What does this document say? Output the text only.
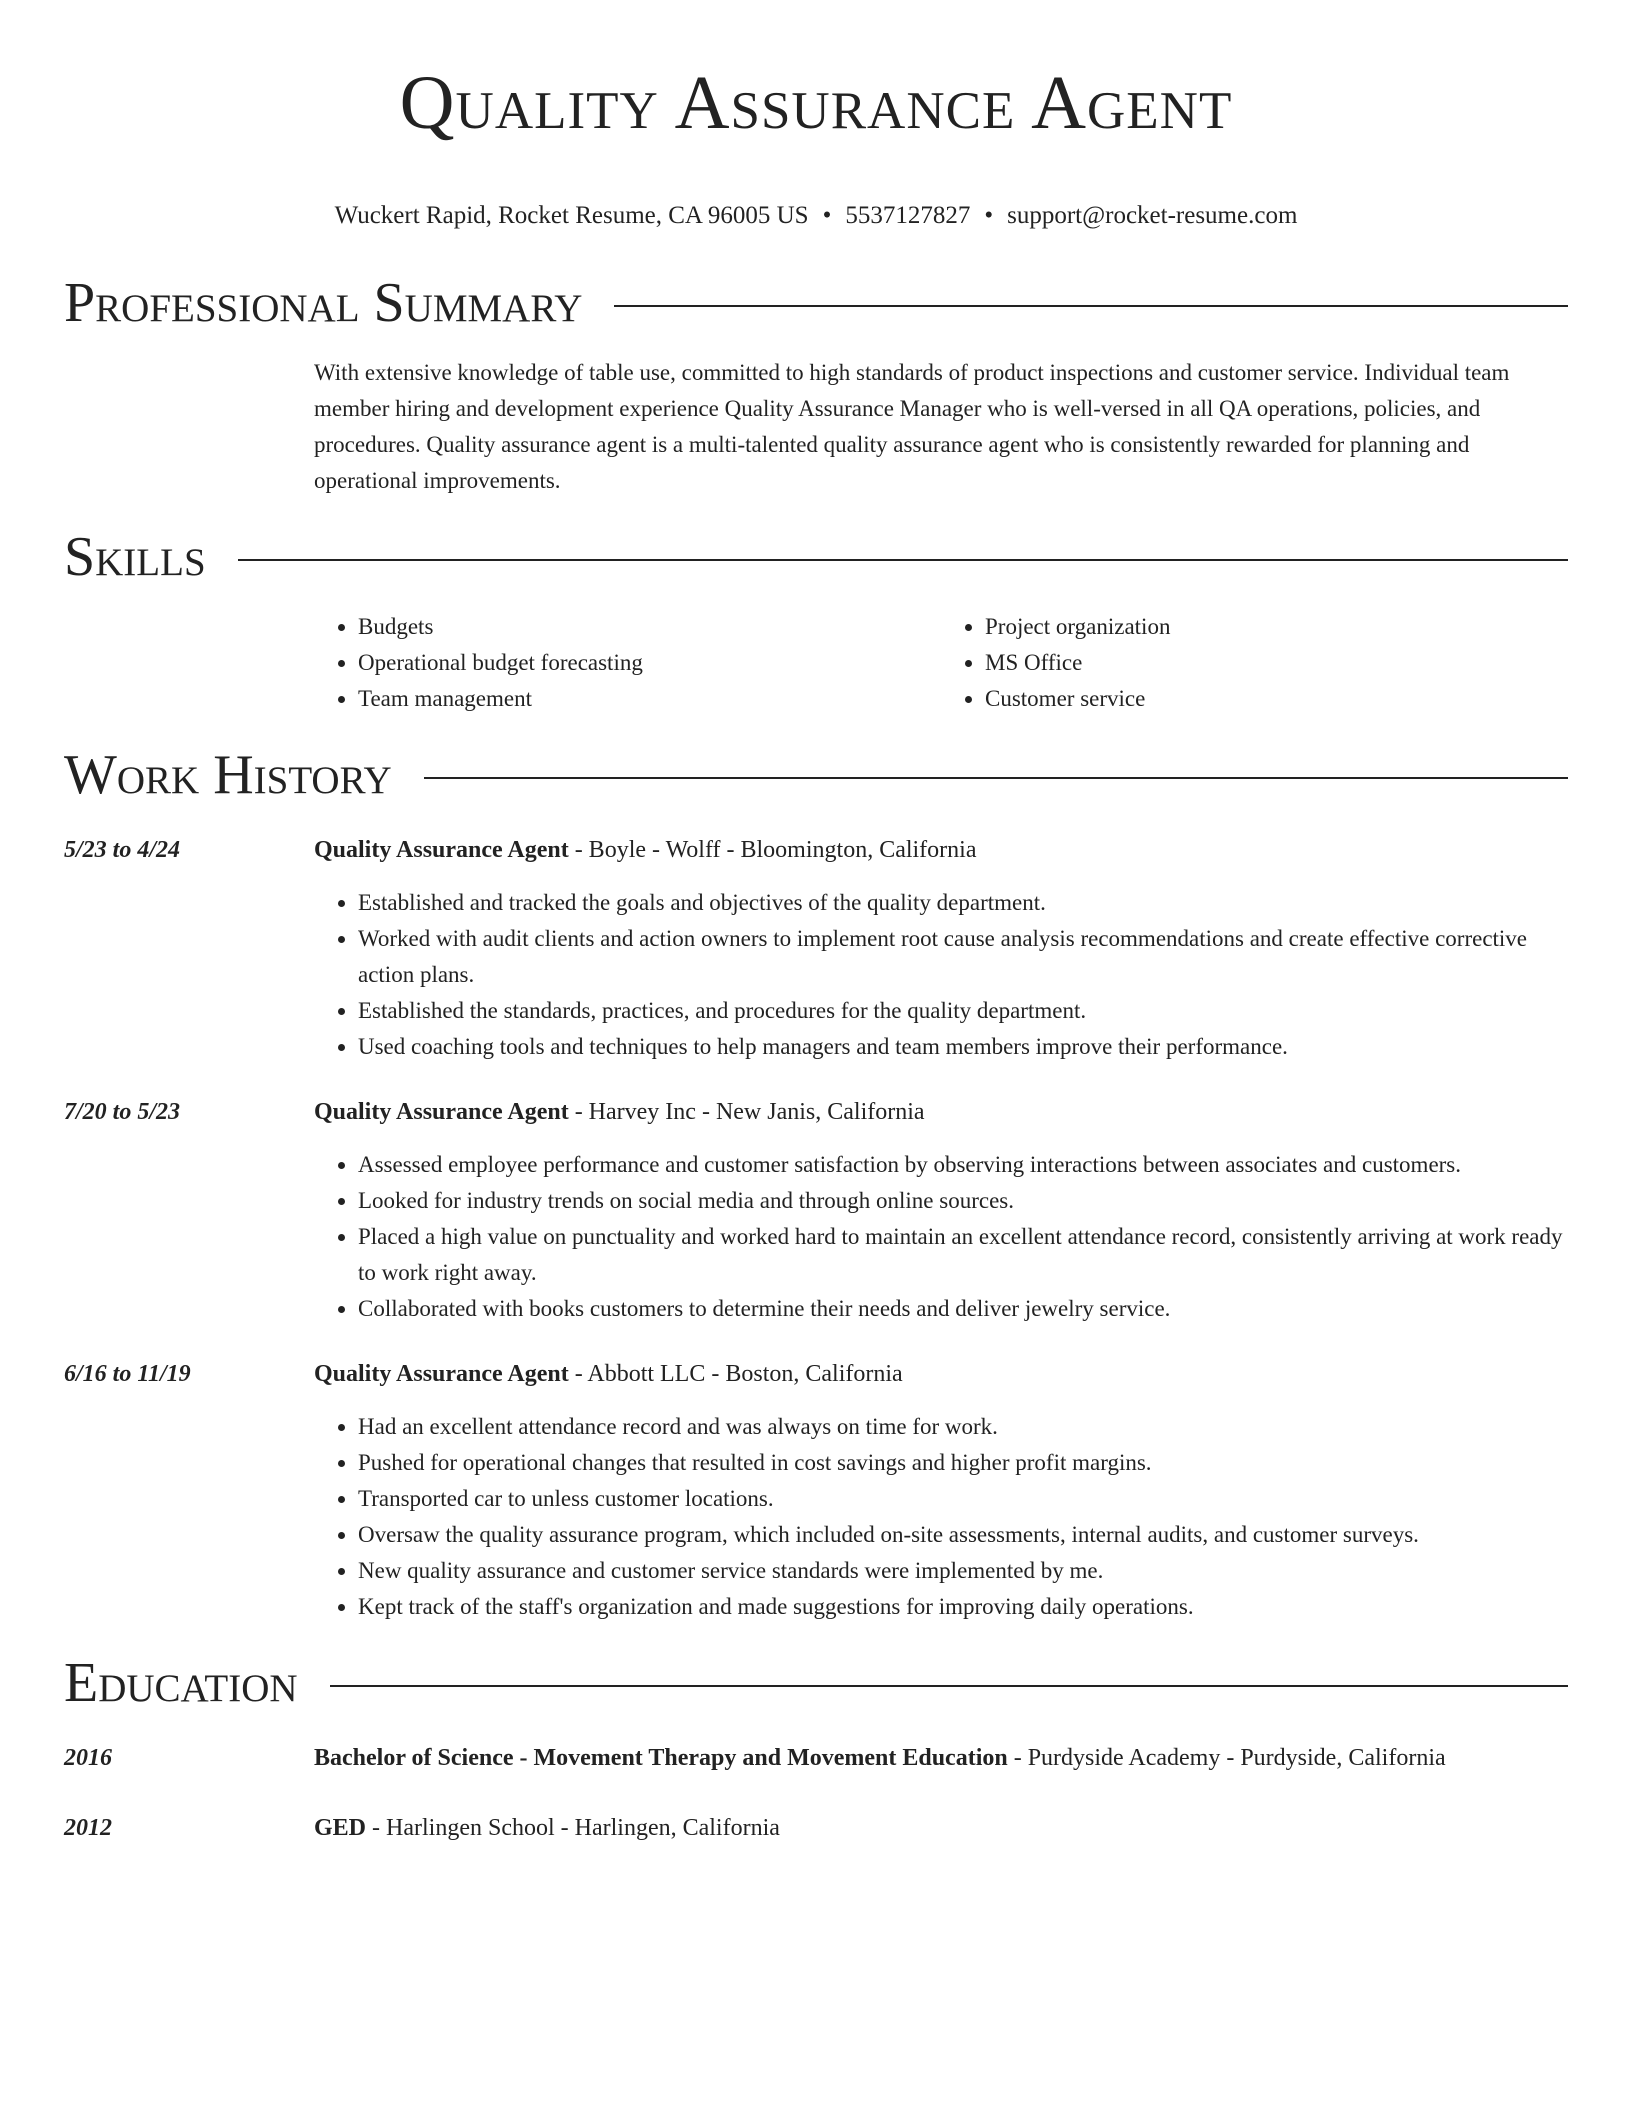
Quality Assurance Agent
Wuckert Rapid, Rocket Resume, CA 96005 US • 5537127827 • support@rocket-resume.com
Professional Summary
With extensive knowledge of table use, committed to high standards of product inspections and customer service. Individual team member hiring and development experience Quality Assurance Manager who is well-versed in all QA operations, policies, and procedures. Quality assurance agent is a multi-talented quality assurance agent who is consistently rewarded for planning and operational improvements.
Skills
• Budgets
• Operational budget forecasting
• Team management
• Project organization
• MS Office
• Customer service
Work History
5/23 to 4/24	Quality Assurance Agent - Boyle - Wolff - Bloomington, California
• Established and tracked the goals and objectives of the quality department.
• Worked with audit clients and action owners to implement root cause analysis recommendations and create effective corrective action plans.
• Established the standards, practices, and procedures for the quality department.
• Used coaching tools and techniques to help managers and team members improve their performance.
7/20 to 5/23	Quality Assurance Agent - Harvey Inc - New Janis, California
• Assessed employee performance and customer satisfaction by observing interactions between associates and customers.
• Looked for industry trends on social media and through online sources.
• Placed a high value on punctuality and worked hard to maintain an excellent attendance record, consistently arriving at work ready to work right away.
• Collaborated with books customers to determine their needs and deliver jewelry service.
6/16 to 11/19	Quality Assurance Agent - Abbott LLC - Boston, California
• Had an excellent attendance record and was always on time for work.
• Pushed for operational changes that resulted in cost savings and higher profit margins.
• Transported car to unless customer locations.
• Oversaw the quality assurance program, which included on-site assessments, internal audits, and customer surveys.
• New quality assurance and customer service standards were implemented by me.
• Kept track of the staff's organization and made suggestions for improving daily operations.
Education
2016	Bachelor of Science - Movement Therapy and Movement Education - Purdyside Academy - Purdyside, California
2012	GED - Harlingen School - Harlingen, California
